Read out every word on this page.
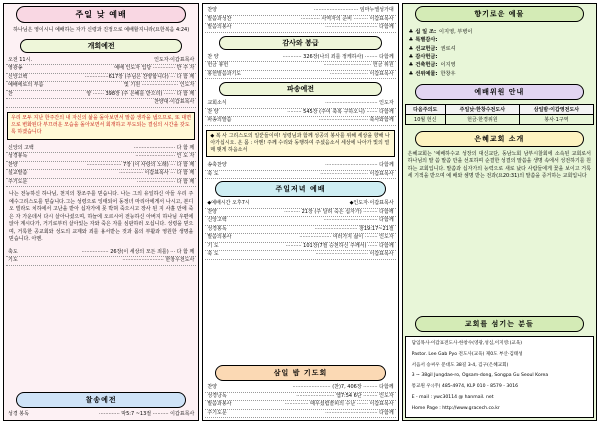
주일 낮 예배
하나님은 영이시니 예배하는 자가 신령과 진정으로 예배할지니라(요한복음 4:24)
개회예전
오전 11시.	인도자·이갑표목사
영광송	예배 인도자 입당 ·············· 반 주 자
신앙고백	···············617장 (주님은 찬양합니다) ··· 다 함 께
예배에로의 부름	및 기원 ······················· 인도자
찬	양 ······· 398장 (주 은혜를 받으리) ······· 다 함 께
찬양대·이갑표목사
우리 모두 지난 한주간의 내 자신의 삶을 돌아보면서 말씀 생각을 냅으므로, 또 대면으로 변화된다 부끄러운 모습을 돌아보면서 회개하고 부도되는 결심의 시간을 갖도록 하겠습니다
신앙의 고백	·························· 다 함 께
성경봉독	························· 인 도 자
찬양	······················ 7장 (이 사랑의 노래) ··· 다 함 께
설교말씀	··············· 이갑표목사 ··· 다 함 께
주기도문	························ 다 함 께
나는 전능하신 하나님, 천지의 창조주를 믿습니다. 나는 그의 유일하신 아들 우리 주예수그리스도를 믿습니다.그는 성령으로 잉태되어 동정녀 마리아에게서 나시고, 본디오 빌라도 치하에서 고난을 받아 십자가에 못 박혀 죽으시고 장사 된 지 사흘 만에 죽은 자 가운데서 다시 살아나셨으며, 하늘에 오르시어 전능하신 아버지 하나님 우편에 앉아 계시다가, 거기로부터 살아있는 자와 죽은 자를 심판하러 오십니다. 성령을 믿으며, 거룩한 공교회와 성도의 교제와 죄를 용서받는 것과 몸의 부활과 영원한 생명을 믿습니다. 아멘.
축도	················· 26장(이 세상의 모든 죄를) ··· 다 함 께
기도	·························· 한창우전도사
찰송예전
성경 봉독	············· 막5:7 ~13절 ·········· 이갑표목사
찬양	···························· 임마누엘성가대
말씀과성찬	············ 사역자의 준비 ········· 이갑표목사
말씀의봉사	································· 다함께
감사와 봉급
찬 양	············ 326장(나의 죄를 정케하사) ········ 다함께
헌금 봉헌	······························ 헌금 위원
봉헌말씀과기도	························ 이갑표목사
파송예전
교회소식	································· 인도자
찬 양	········· 545장 (주여 축복 구하오니) ······· 다함께
파송의말씀	······························· 축사와함께
◆ 복 사 그리스도의 일꾼들이여! 성령님과 함께 성공의 봉사를 위해 세상을 향해 나아가십시오. 온 몸 : 아멘! 주께 수리와 동행하여 주셨음소서 세상에 나아가 빛의 열매 맺게 하옵소서
송축찬양	································· 다함께
축 도	······························ 이갑표목사
주일저녁 예배
◆예배시간 오후7시	◆인도자·이갑표목사
찬양	·········· 21장 (주 달려 죽은 십자가) ········· 다함께
신앙고백	·································· 다함께
성경봉독	··························· 창19:17~21절
말씀의봉사	···················· 여러가지 삶이 ········ 인도자
기 도	·········· 101장(7절 승천하신 주께서) ······ 다함께
축 도	································· 이갑표목사
삼일 밤 기도회
찬양	························ (찬)7, 406장 ········· 다함께
성경낭독	························ 엡7:54 6단 ········· 인도자
말씀과봉사	··············· 때무셨렴쓸피의 수난 ······· 이갑표목사
주기도문	································· 다함께
향기로운 예물
♣ 십 일 조: 이지영, 부병이
♣ 특별감사:
♣ 선교헌금: 권로셔
♣ 감사헌금:
♣ 건축헌금: 이지영
♣ 선위예물: 한창우
예배위원 안내
다음주의도	주일낮·한창수전도사	삼일밤·이갑영전도사
10월 헌신	헌금·한경위원	봉사·1구역
은혜교회 소개
은혜교회는 '예배하수교 성장의 대신교단, 동남노회 남부시찰회에 소속된 교회로서 하나님의 말 씀 말씀 만을 선포하며 순결한 성결의 말씀을 생명 속에서 성전하기를 원하는 교회입니다. 말씀과 십자가의 능력으로 새로 났다 사람들에게 꽃을 보이고 거룩 세 기적을 받으며 예 배와 셈명 받는 전과(요20:31)의 말씀을 증거하는 교회입니다
교회를 섬기는 분들
담임목사·이갑표전도사·한창수(영광,성심,이지영:(교육)
Pastor. Lee Gab Pyo 전도사(교육) 제0도 부산·김태성
서음서 승씨우 문대도 38길 3-4, 김구(은혜교회)
3 ~ 38gil Jungdae-ro, Ogsam-dong, Songpa Gu Seoul Korea
통교원 우:(주) 485-4974, KLP 010 - 8579 - 3016
E - mail : ywc30114 @ hanmail. net
Home Page : http://www.gracech.co.kr
